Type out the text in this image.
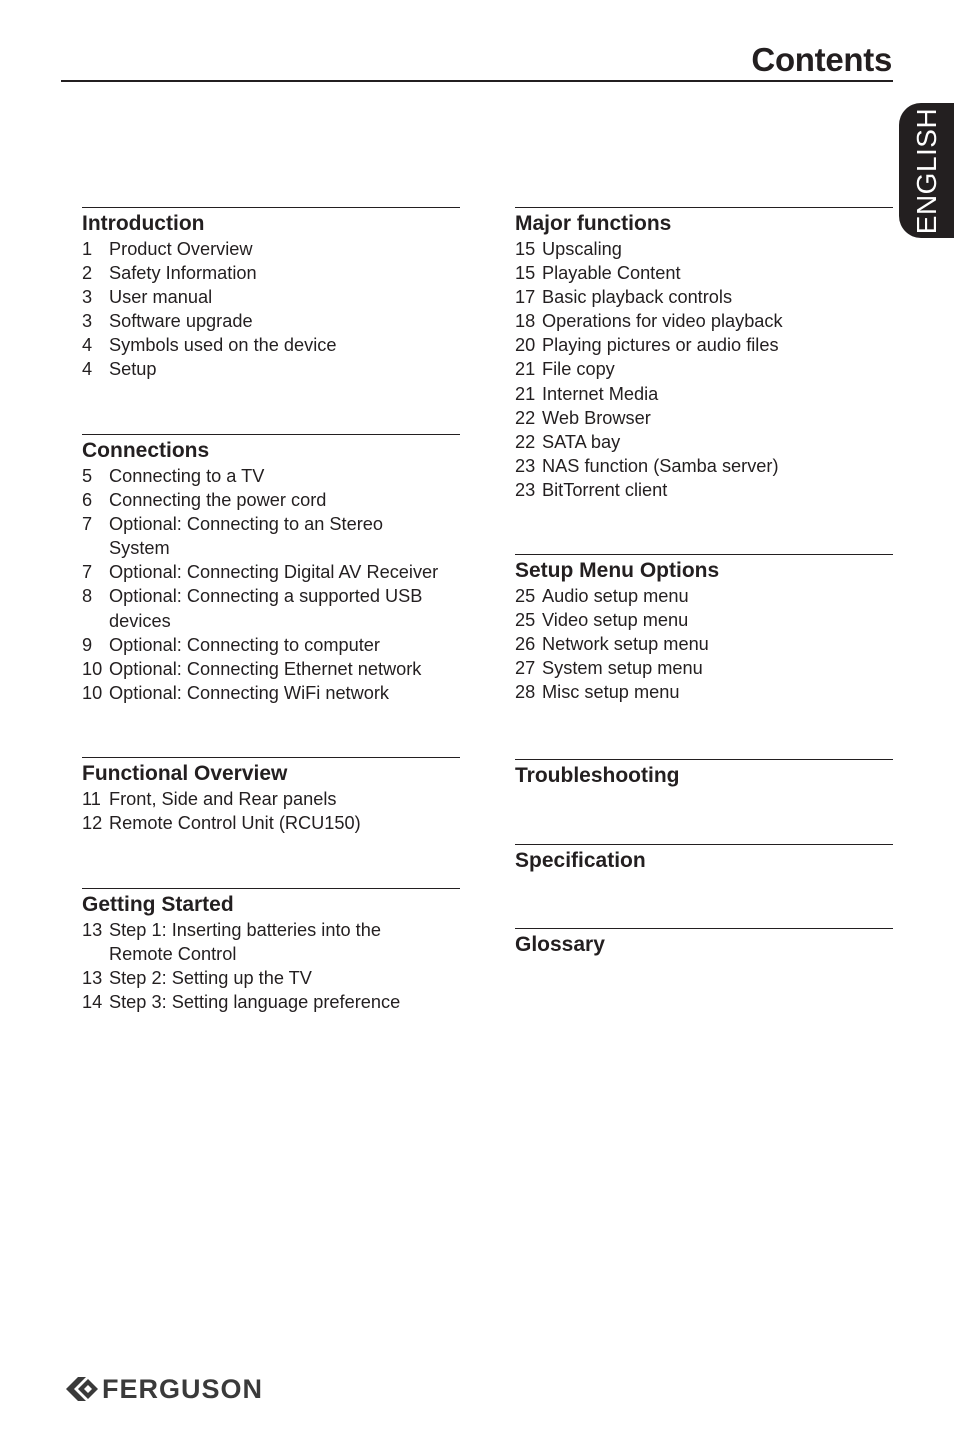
Contents
ENGLISH
Introduction
1 Product Overview
2 Safety Information
3 User manual
3 Software upgrade
4 Symbols used on the device
4 Setup
Connections
5 Connecting to a TV
6 Connecting the power cord
7 Optional: Connecting to an Stereo System
7 Optional: Connecting Digital AV Receiver
8 Optional: Connecting a supported USB devices
9 Optional: Connecting to computer
10 Optional: Connecting Ethernet network
10 Optional: Connecting WiFi network
Functional Overview
11 Front, Side and Rear panels
12 Remote Control Unit (RCU150)
Getting Started
13 Step 1: Inserting batteries into the Remote Control
13 Step 2: Setting up the TV
14 Step 3: Setting language preference
Major functions
15 Upscaling
15 Playable Content
17 Basic playback controls
18 Operations for video playback
20 Playing pictures or audio files
21 File copy
21 Internet Media
22 Web Browser
22 SATA bay
23 NAS function (Samba server)
23 BitTorrent client
Setup Menu Options
25 Audio setup menu
25 Video setup menu
26 Network setup menu
27 System setup menu
28 Misc setup menu
Troubleshooting
Specification
Glossary
FERGUSON
